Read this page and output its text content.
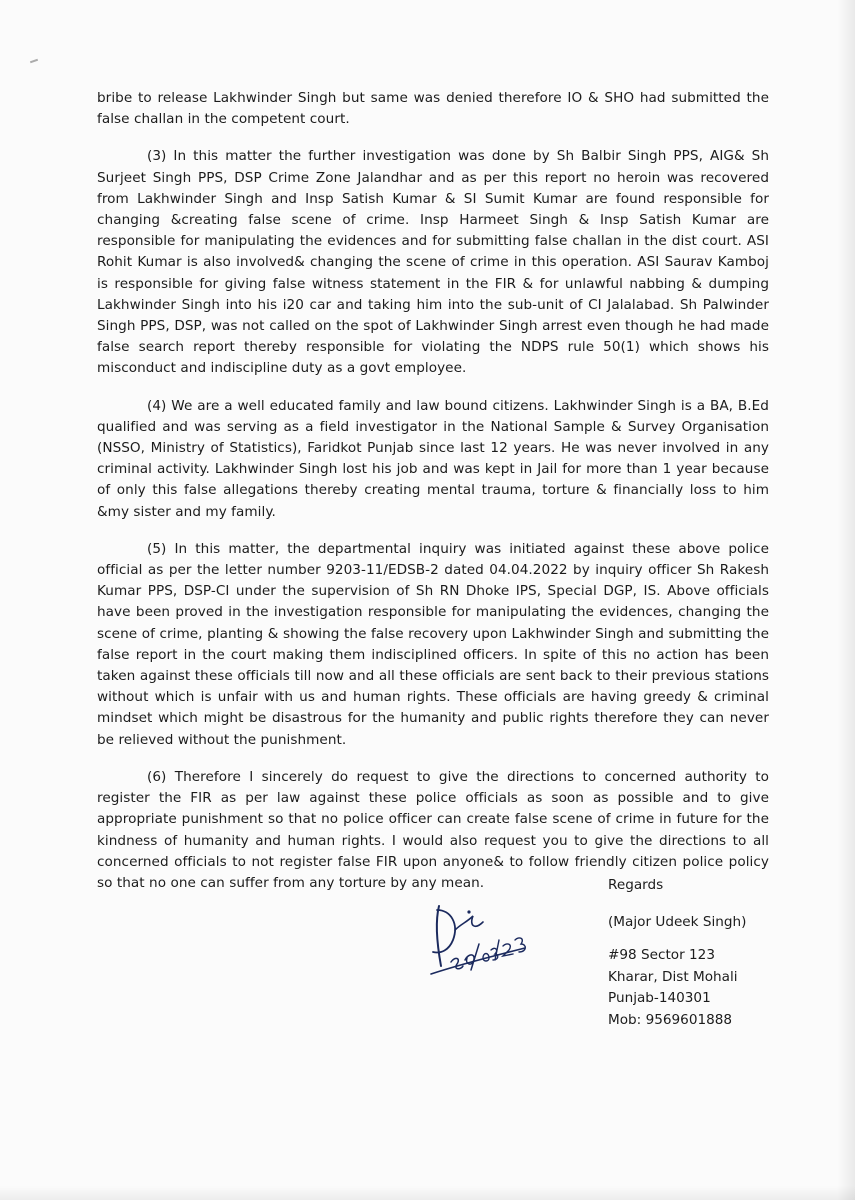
bribe to release Lakhwinder Singh but same was denied therefore IO & SHO had submitted the false challan in the competent court.

(3) In this matter the further investigation was done by Sh Balbir Singh PPS, AIG& Sh Surjeet Singh PPS, DSP Crime Zone Jalandhar and as per this report no heroin was recovered from Lakhwinder Singh and Insp Satish Kumar & SI Sumit Kumar are found responsible for changing &creating false scene of crime. Insp Harmeet Singh & Insp Satish Kumar are responsible for manipulating the evidences and for submitting false challan in the dist court. ASI Rohit Kumar is also involved& changing the scene of crime in this operation. ASI Saurav Kamboj is responsible for giving false witness statement in the FIR & for unlawful nabbing & dumping Lakhwinder Singh into his i20 car and taking him into the sub-unit of CI Jalalabad. Sh Palwinder Singh PPS, DSP, was not called on the spot of Lakhwinder Singh arrest even though he had made false search report thereby responsible for violating the NDPS rule 50(1) which shows his misconduct and indiscipline duty as a govt employee.

(4) We are a well educated family and law bound citizens. Lakhwinder Singh is a BA, B.Ed qualified and was serving as a field investigator in the National Sample & Survey Organisation (NSSO, Ministry of Statistics), Faridkot Punjab since last 12 years. He was never involved in any criminal activity. Lakhwinder Singh lost his job and was kept in Jail for more than 1 year because of only this false allegations thereby creating mental trauma, torture & financially loss to him &my sister and my family.

(5) In this matter, the departmental inquiry was initiated against these above police official as per the letter number 9203-11/EDSB-2 dated 04.04.2022 by inquiry officer Sh Rakesh Kumar PPS, DSP-CI under the supervision of Sh RN Dhoke IPS, Special DGP, IS. Above officials have been proved in the investigation responsible for manipulating the evidences, changing the scene of crime, planting & showing the false recovery upon Lakhwinder Singh and submitting the false report in the court making them indisciplined officers. In spite of this no action has been taken against these officials till now and all these officials are sent back to their previous stations without which is unfair with us and human rights. These officials are having greedy & criminal mindset which might be disastrous for the humanity and public rights therefore they can never be relieved without the punishment.

(6) Therefore I sincerely do request to give the directions to concerned authority to register the FIR as per law against these police officials as soon as possible and to give appropriate punishment so that no police officer can create false scene of crime in future for the kindness of humanity and human rights. I would also request you to give the directions to all concerned officials to not register false FIR upon anyone& to follow friendly citizen police policy so that no one can suffer from any torture by any mean.	Regards
(Major Udeek Singh)
#98 Sector 123
Kharar, Dist Mohali
Punjab-140301
Mob: 9569601888
